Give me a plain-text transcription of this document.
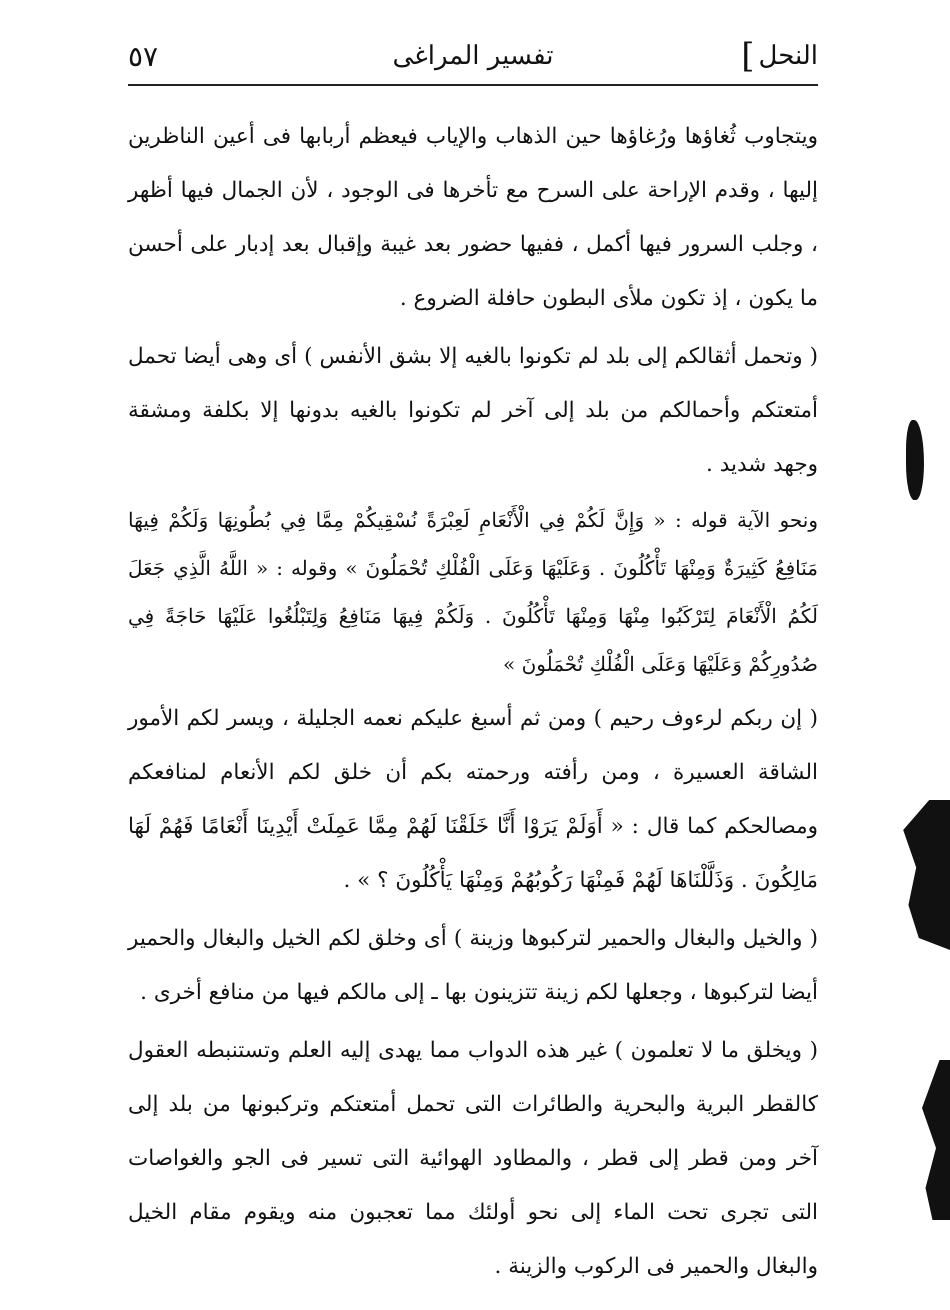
النحل
]
تفسير المراغى
٥٧

ويتجاوب ثُغاؤها ورُغاؤها حين الذهاب والإياب فيعظم أربابها فى أعين الناظرين إليها ، وقدم الإراحة على السرح مع تأخرها فى الوجود ، لأن الجمال فيها أظهر ، وجلب السرور فيها أكمل ، ففيها حضور بعد غيبة وإقبال بعد إدبار على أحسن ما يكون ، إذ تكون ملأى البطون حافلة الضروع .

( وتحمل أثقالكم إلى بلد لم تكونوا بالغيه إلا بشق الأنفس ) أى وهى أيضا تحمل أمتعتكم وأحمالكم من بلد إلى آخر لم تكونوا بالغيه بدونها إلا بكلفة ومشقة وجهد شديد .

ونحو الآية قوله : « وَإِنَّ لَكُمْ فِي الْأَنْعَامِ لَعِبْرَةً نُسْقِيكُمْ مِمَّا فِي بُطُونِهَا وَلَكُمْ فِيهَا مَنَافِعُ كَثِيرَةٌ وَمِنْهَا تَأْكُلُونَ . وَعَلَيْهَا وَعَلَى الْفُلْكِ تُحْمَلُونَ » وقوله : « اللَّهُ الَّذِي جَعَلَ لَكُمُ الْأَنْعَامَ لِتَرْكَبُوا مِنْهَا وَمِنْهَا تَأْكُلُونَ . وَلَكُمْ فِيهَا مَنَافِعُ وَلِتَبْلُغُوا عَلَيْهَا حَاجَةً فِي صُدُورِكُمْ وَعَلَيْهَا وَعَلَى الْفُلْكِ تُحْمَلُونَ »

( إن ربكم لرءوف رحيم ) ومن ثم أسبغ عليكم نعمه الجليلة ، ويسر لكم الأمور الشاقة العسيرة ، ومن رأفته ورحمته بكم أن خلق لكم الأنعام لمنافعكم ومصالحكم كما قال : « أَوَلَمْ يَرَوْا أَنَّا خَلَقْنَا لَهُمْ مِمَّا عَمِلَتْ أَيْدِينَا أَنْعَامًا فَهُمْ لَهَا مَالِكُونَ . وَذَلَّلْنَاهَا لَهُمْ فَمِنْهَا رَكُوبُهُمْ وَمِنْهَا يَأْكُلُونَ ؟ » .

( والخيل والبغال والحمير لتركبوها وزينة ) أى وخلق لكم الخيل والبغال والحمير أيضا لتركبوها ، وجعلها لكم زينة تتزينون بها ـ إلى مالكم فيها من منافع أخرى .

( ويخلق ما لا تعلمون ) غير هذه الدواب مما يهدى إليه العلم وتستنبطه العقول كالقطر البرية والبحرية والطائرات التى تحمل أمتعتكم وتركبونها من بلد إلى آخر ومن قطر إلى قطر ، والمطاود الهوائية التى تسير فى الجو والغواصات التى تجرى تحت الماء إلى نحو أولئك مما تعجبون منه ويقوم مقام الخيل والبغال والحمير فى الركوب والزينة .
